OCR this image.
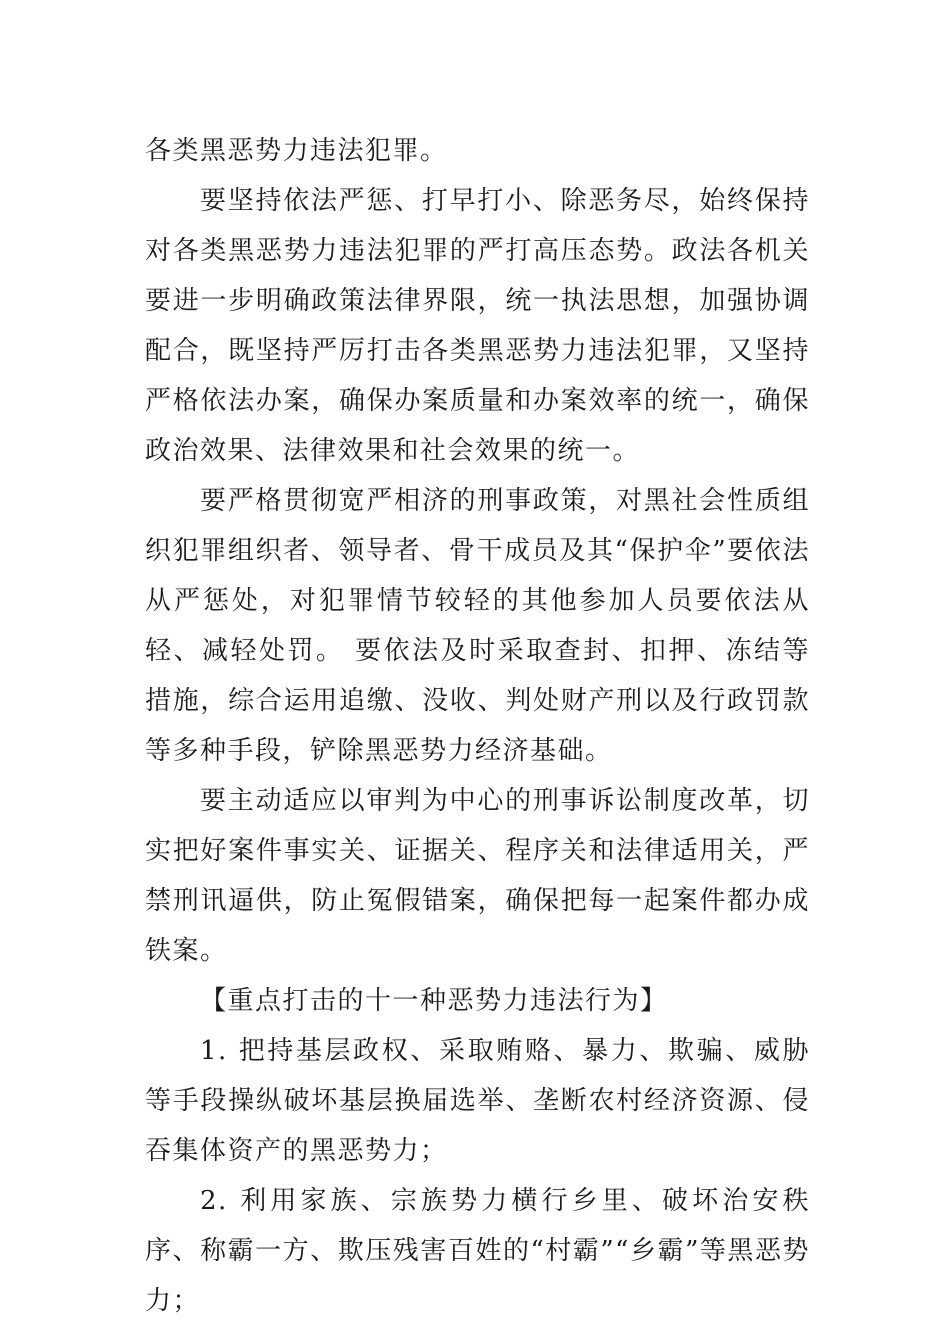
各类黑恶势力违法犯罪。

要坚持依法严惩、打早打小、除恶务尽，始终保持对各类黑恶势力违法犯罪的严打高压态势。政法各机关要进一步明确政策法律界限，统一执法思想，加强协调配合，既坚持严厉打击各类黑恶势力违法犯罪，又坚持严格依法办案，确保办案质量和办案效率的统一，确保政治效果、法律效果和社会效果的统一。

要严格贯彻宽严相济的刑事政策，对黑社会性质组织犯罪组织者、领导者、骨干成员及其“保护伞”要依法从严惩处，对犯罪情节较轻的其他参加人员要依法从轻、减轻处罚。 要依法及时采取查封、扣押、冻结等措施，综合运用追缴、没收、判处财产刑以及行政罚款等多种手段，铲除黑恶势力经济基础。

要主动适应以审判为中心的刑事诉讼制度改革，切实把好案件事实关、证据关、程序关和法律适用关，严禁刑讯逼供，防止冤假错案，确保把每一起案件都办成铁案。

【重点打击的十一种恶势力违法行为】

1. 把持基层政权、采取贿赂、暴力、欺骗、威胁等手段操纵破坏基层换届选举、垄断农村经济资源、侵吞集体资产的黑恶势力；

2. 利用家族、宗族势力横行乡里、破坏治安秩序、称霸一方、欺压残害百姓的“村霸”“乡霸”等黑恶势力；
